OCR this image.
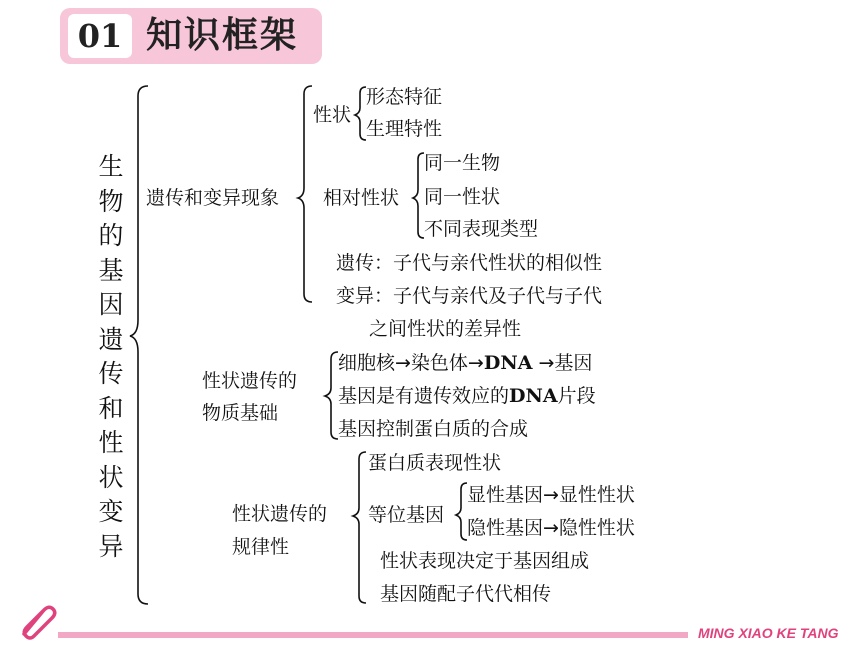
01 知识框架
生
物
的
基
因
遗
传
和
性
状
变
异
遗传和变异现象
性状
形态特征
生理特性
相对性状
同一生物
同一性状
不同表现类型
遗传：子代与亲代性状的相似性
变异：子代与亲代及子代与子代
之间性状的差异性
性状遗传的
物质基础
细胞核→染色体→DNA →基因
基因是有遗传效应的DNA片段
基因控制蛋白质的合成
性状遗传的
规律性
蛋白质表现性状
等位基因
显性基因→显性性状
隐性基因→隐性性状
性状表现决定于基因组成
基因随配子代代相传
MING XIAO KE TANG
